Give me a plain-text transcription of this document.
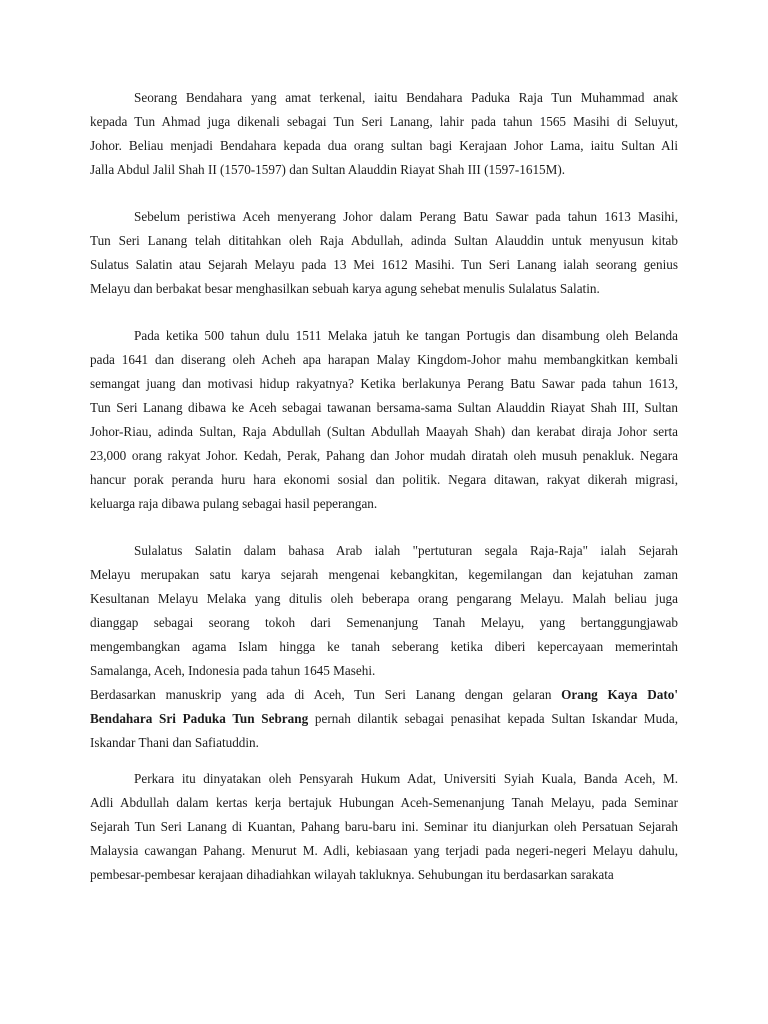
Seorang Bendahara yang amat terkenal, iaitu Bendahara Paduka Raja Tun Muhammad anak
kepada Tun Ahmad juga dikenali sebagai Tun Seri Lanang, lahir pada tahun 1565 Masihi di Seluyut,
Johor. Beliau menjadi Bendahara kepada dua orang sultan bagi Kerajaan Johor Lama, iaitu Sultan Ali
Jalla Abdul Jalil Shah II (1570-1597) dan Sultan Alauddin Riayat Shah III (1597-1615M).
Sebelum peristiwa Aceh menyerang Johor dalam Perang Batu Sawar pada tahun 1613 Masihi,
Tun Seri Lanang telah dititahkan oleh Raja Abdullah, adinda Sultan Alauddin untuk menyusun kitab
Sulatus Salatin atau Sejarah Melayu pada 13 Mei 1612 Masihi. Tun Seri Lanang ialah seorang genius
Melayu dan berbakat besar menghasilkan sebuah karya agung sehebat menulis Sulalatus Salatin.
Pada ketika 500 tahun dulu 1511 Melaka jatuh ke tangan Portugis dan disambung oleh Belanda
pada 1641 dan diserang oleh Acheh apa harapan Malay Kingdom-Johor mahu membangkitkan kembali
semangat juang dan motivasi hidup rakyatnya? Ketika berlakunya Perang Batu Sawar pada tahun 1613,
Tun Seri Lanang dibawa ke Aceh sebagai tawanan bersama-sama Sultan Alauddin Riayat Shah III, Sultan
Johor-Riau, adinda Sultan, Raja Abdullah (Sultan Abdullah Maayah Shah) dan kerabat diraja Johor serta
23,000 orang rakyat Johor. Kedah, Perak, Pahang dan Johor mudah diratah oleh musuh penakluk. Negara
hancur porak peranda huru hara ekonomi sosial dan politik. Negara ditawan, rakyat dikerah migrasi,
keluarga raja dibawa pulang sebagai hasil peperangan.
Sulalatus Salatin dalam bahasa Arab ialah "pertuturan segala Raja-Raja" ialah Sejarah
Melayu merupakan satu karya sejarah mengenai kebangkitan, kegemilangan dan kejatuhan zaman
Kesultanan Melayu Melaka yang ditulis oleh beberapa orang pengarang Melayu. Malah beliau juga
dianggap sebagai seorang tokoh dari Semenanjung Tanah Melayu, yang bertanggungjawab
mengembangkan agama Islam hingga ke tanah seberang ketika diberi kepercayaan memerintah
Samalanga, Aceh, Indonesia pada tahun 1645 Masehi.
Berdasarkan manuskrip yang ada di Aceh, Tun Seri Lanang dengan gelaran Orang Kaya Dato'
Bendahara Sri Paduka Tun Sebrang pernah dilantik sebagai penasihat kepada Sultan Iskandar Muda,
Iskandar Thani dan Safiatuddin.
Perkara itu dinyatakan oleh Pensyarah Hukum Adat, Universiti Syiah Kuala, Banda Aceh, M.
Adli Abdullah dalam kertas kerja bertajuk Hubungan Aceh-Semenanjung Tanah Melayu, pada Seminar
Sejarah Tun Seri Lanang di Kuantan, Pahang baru-baru ini. Seminar itu dianjurkan oleh Persatuan Sejarah
Malaysia cawangan Pahang. Menurut M. Adli, kebiasaan yang terjadi pada negeri-negeri Melayu dahulu,
pembesar-pembesar kerajaan dihadiahkan wilayah takluknya. Sehubungan itu berdasarkan sarakata
